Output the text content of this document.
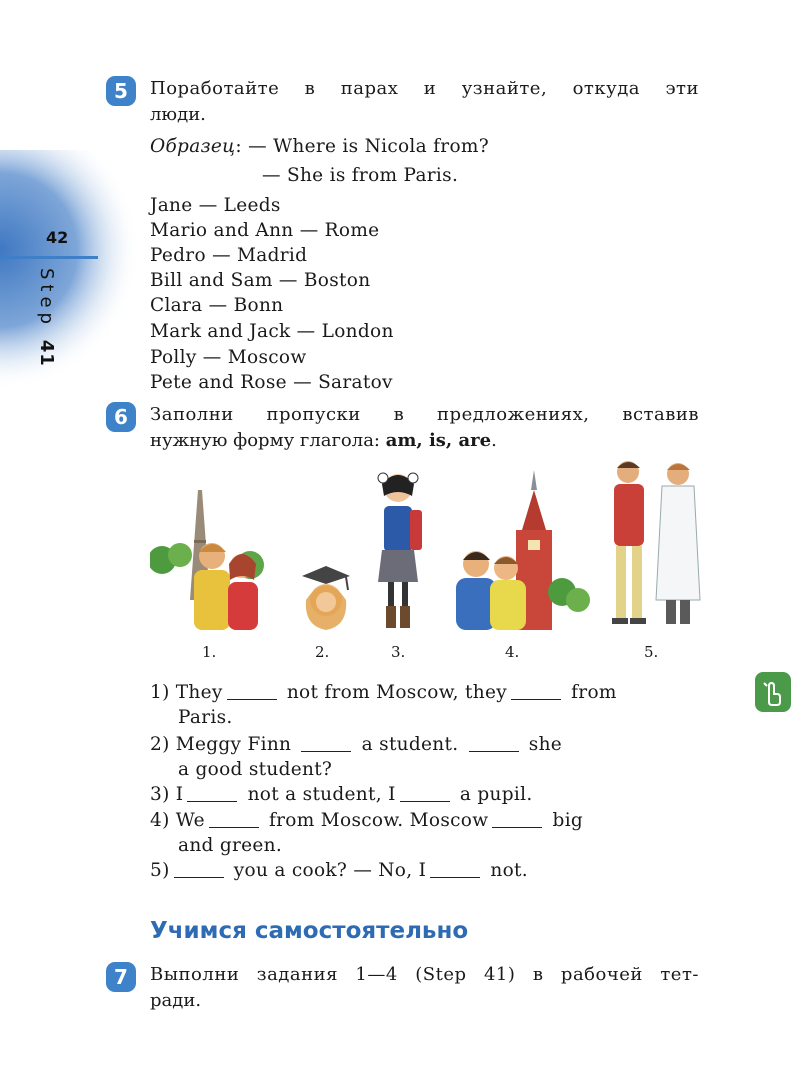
42
Step 41
5	Поработайте в парах и узнайте, откуда эти
люди.
Образец: — Where is Nicola from?
— She is from Paris.
Jane — Leeds
Mario and Ann — Rome
Pedro — Madrid
Bill and Sam — Boston
Clara — Bonn
Mark and Jack — London
Polly — Moscow
Pete and Rose — Saratov
6	Заполни пропуски в предложениях, вставив
нужную форму глагола: am, is, are.
1.	2.	3.	4.	5.
1) They	not from Moscow, they	from
Paris.
2) Meggy Finn	a student.	she
a good student?
3) I	not a student, I	a pupil.
4) We	from Moscow. Moscow	big
and green.
5)	you a cook? — No, I	not.
Учимся самостоятельно
7	Выполни задания 1—4 (Step 41) в рабочей тет-
ради.
